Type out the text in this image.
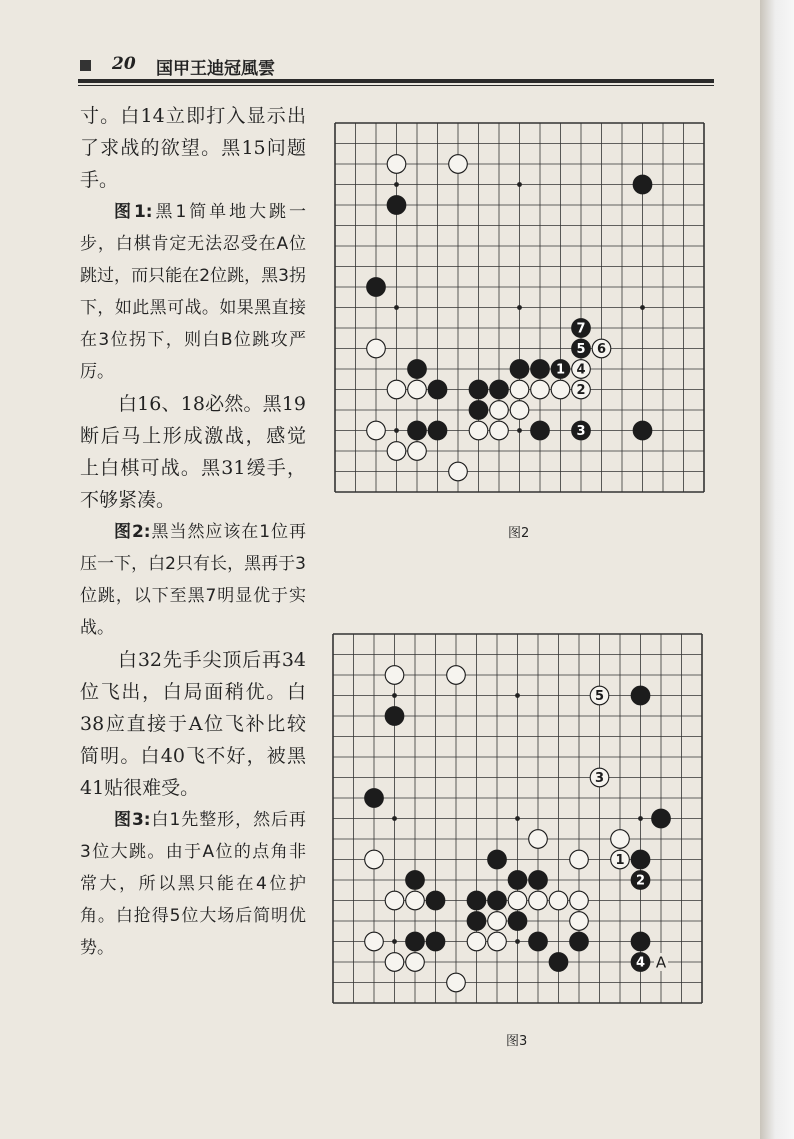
20 国甲王迪冠風雲

寸。白14立即打入显示出了求战的欲望。黑15问题手。

图1:黑1简单地大跳一步，白棋肯定无法忍受在A位跳过，而只能在2位跳，黑3拐下，如此黑可战。如果黑直接在3位拐下，则白B位跳攻严厉。

白16、18必然。黑19断后马上形成激战，感觉上白棋可战。黑31缓手，不够紧凑。

图2:黑当然应该在1位再压一下，白2只有长，黑再于3位跳，以下至黑7明显优于实战。

白32先手尖顶后再34位飞出，白局面稍优。白38应直接于A位飞补比较简明。白40飞不好，被黑41贴很难受。

图3:白1先整形，然后再3位大跳。由于A位的点角非常大，所以黑只能在4位护角。白抢得5位大场后简明优势。

7
5 6
1 4
2
3
图2
5
3
1
2
4 A
图3
